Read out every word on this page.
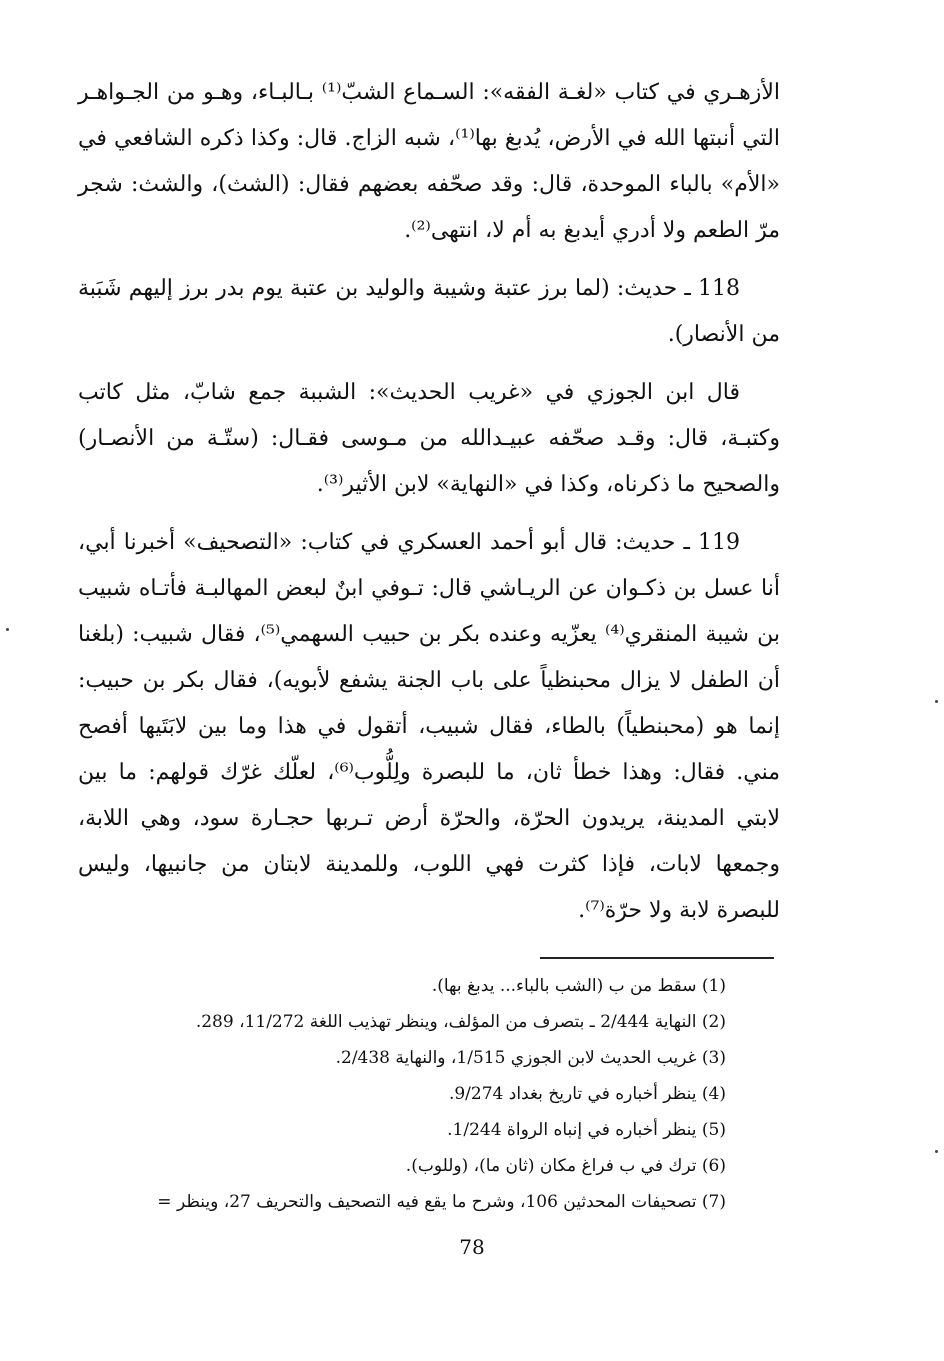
الأزهـري في كتاب «لغـة الفقه»: السـماع الشبّ⁽¹⁾ بـالبـاء، وهـو من الجـواهـر التي أنبتها الله في الأرض، يُدبغ بها⁽¹⁾، شبه الزاج. قال: وكذا ذكره الشافعي في «الأم» بالباء الموحدة، قال: وقد صحّفه بعضهم فقال: (الشث)، والشث: شجر مرّ الطعم ولا أدري أيدبغ به أم لا، انتهى⁽²⁾.

118 ـ حديث: (لما برز عتبة وشيبة والوليد بن عتبة يوم بدر برز إليهم شَبَبة من الأنصار).

قال ابن الجوزي في «غريب الحديث»: الشببة جمع شابّ، مثل كاتب وكتبـة، قال: وقـد صحّفه عبيـدالله من مـوسى فقـال: (ستّـة من الأنصـار) والصحيح ما ذكرناه، وكذا في «النهاية» لابن الأثير⁽³⁾.

119 ـ حديث: قال أبو أحمد العسكري في كتاب: «التصحيف» أخبرنا أبي، أنا عسل بن ذكـوان عن الريـاشي قال: تـوفي ابنٌ لبعض المهالبـة فأتـاه شبيب بن شيبة المنقري⁽⁴⁾ يعزّيه وعنده بكر بن حبيب السهمي⁽⁵⁾، فقال شبيب: (بلغنا أن الطفل لا يزال محبنظياً على باب الجنة يشفع لأبويه)، فقال بكر بن حبيب: إنما هو (محبنطياً) بالطاء، فقال شبيب، أتقول في هذا وما بين لابَتَيها أفصح مني. فقال: وهذا خطأ ثان، ما للبصرة ولِلُّوب⁽⁶⁾، لعلّك غرّك قولهم: ما بين لابتي المدينة، يريدون الحرّة، والحرّة أرض تـربها حجـارة سود، وهي اللابة، وجمعها لابات، فإذا كثرت فهي اللوب، وللمدينة لابتان من جانبيها، وليس للبصرة لابة ولا حرّة⁽⁷⁾.

(1) سقط من ب (الشب بالباء... يدبغ بها).

(2) النهاية 2/444 ـ بتصرف من المؤلف، وينظر تهذيب اللغة 11/272، 289.

(3) غريب الحديث لابن الجوزي 1/515، والنهاية 2/438.

(4) ينظر أخباره في تاريخ بغداد 9/274.

(5) ينظر أخباره في إنباه الرواة 1/244.

(6) ترك في ب فراغ مكان (ثان ما)، (وللوب).

(7) تصحيفات المحدثين 106، وشرح ما يقع فيه التصحيف والتحريف 27، وينظر =

78
